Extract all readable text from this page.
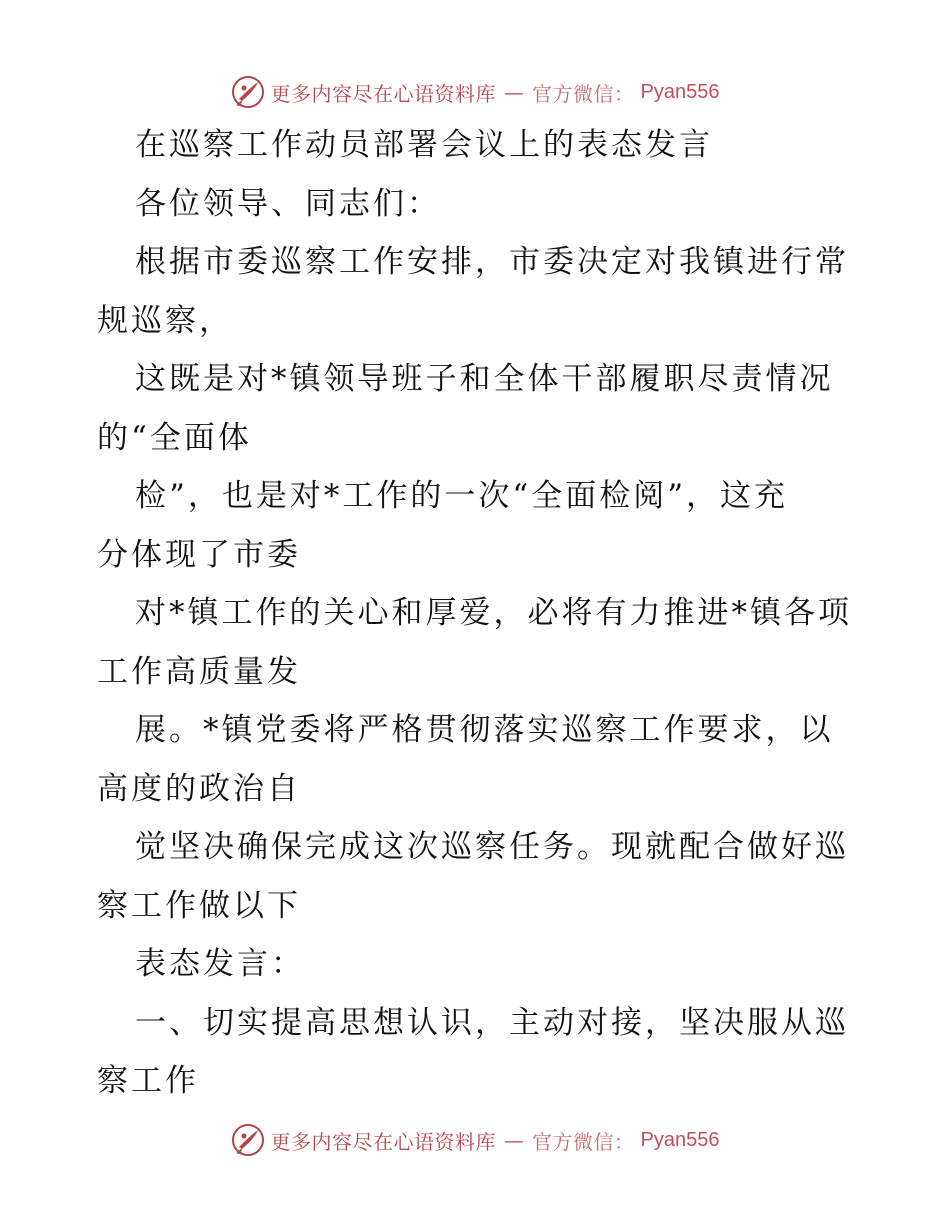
更多内容尽在心语资料库 — 官方微信： Pyan556
在巡察工作动员部署会议上的表态发言
各位领导、同志们：
根据市委巡察工作安排，市委决定对我镇进行常
规巡察，
这既是对*镇领导班子和全体干部履职尽责情况
的“全面体
检”，也是对*工作的一次“全面检阅”，这充
分体现了市委
对*镇工作的关心和厚爱，必将有力推进*镇各项
工作高质量发
展。*镇党委将严格贯彻落实巡察工作要求，以
高度的政治自
觉坚决确保完成这次巡察任务。现就配合做好巡
察工作做以下
表态发言：
一、切实提高思想认识，主动对接，坚决服从巡
察工作
更多内容尽在心语资料库 — 官方微信： Pyan556
